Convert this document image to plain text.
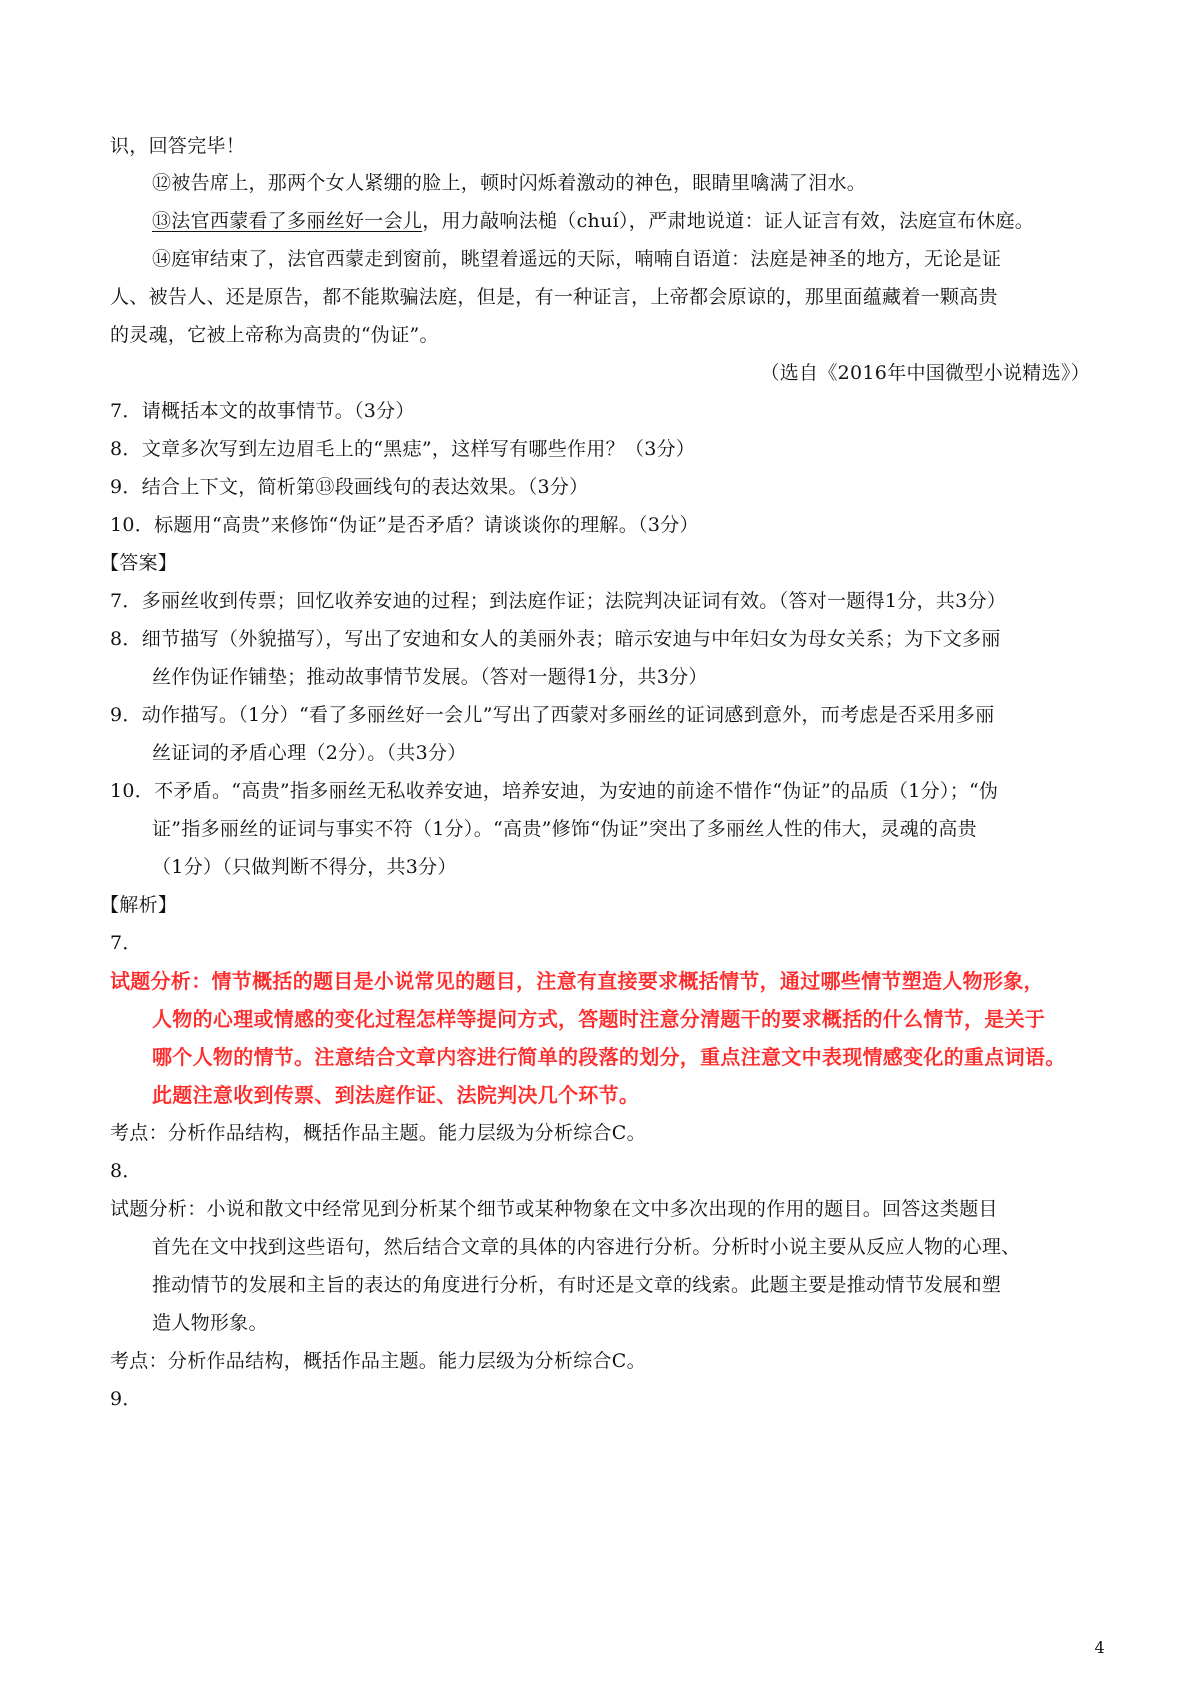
识，回答完毕！
⑫被告席上，那两个女人紧绷的脸上，顿时闪烁着激动的神色，眼睛里噙满了泪水。
⑬法官西蒙看了多丽丝好一会儿，用力敲响法槌（chuí），严肃地说道：证人证言有效，法庭宣布休庭。
⑭庭审结束了，法官西蒙走到窗前，眺望着遥远的天际，喃喃自语道：法庭是神圣的地方，无论是证
人、被告人、还是原告，都不能欺骗法庭，但是，有一种证言，上帝都会原谅的，那里面蕴藏着一颗高贵
的灵魂，它被上帝称为高贵的“伪证”。
（选自《2016年中国微型小说精选》）
7．请概括本文的故事情节。（3分）
8．文章多次写到左边眉毛上的“黑痣”，这样写有哪些作用？（3分）
9．结合上下文，简析第⑬段画线句的表达效果。（3分）
10．标题用“高贵”来修饰“伪证”是否矛盾？请谈谈你的理解。（3分）
【答案】
7．多丽丝收到传票；回忆收养安迪的过程；到法庭作证；法院判决证词有效。（答对一题得1分，共3分）
8．细节描写（外貌描写），写出了安迪和女人的美丽外表；暗示安迪与中年妇女为母女关系；为下文多丽
丝作伪证作铺垫；推动故事情节发展。（答对一题得1分，共3分）
9．动作描写。（1分）“看了多丽丝好一会儿”写出了西蒙对多丽丝的证词感到意外，而考虑是否采用多丽
丝证词的矛盾心理（2分）。（共3分）
10．不矛盾。“高贵”指多丽丝无私收养安迪，培养安迪，为安迪的前途不惜作“伪证”的品质（1分）；“伪
证”指多丽丝的证词与事实不符（1分）。“高贵”修饰“伪证”突出了多丽丝人性的伟大，灵魂的高贵
（1分）（只做判断不得分，共3分）
【解析】
7．
试题分析：情节概括的题目是小说常见的题目，注意有直接要求概括情节，通过哪些情节塑造人物形象，
人物的心理或情感的变化过程怎样等提问方式，答题时注意分清题干的要求概括的什么情节，是关于
哪个人物的情节。注意结合文章内容进行简单的段落的划分，重点注意文中表现情感变化的重点词语。
此题注意收到传票、到法庭作证、法院判决几个环节。
考点：分析作品结构，概括作品主题。能力层级为分析综合C。
8．
试题分析：小说和散文中经常见到分析某个细节或某种物象在文中多次出现的作用的题目。回答这类题目
首先在文中找到这些语句，然后结合文章的具体的内容进行分析。分析时小说主要从反应人物的心理、
推动情节的发展和主旨的表达的角度进行分析，有时还是文章的线索。此题主要是推动情节发展和塑
造人物形象。
考点：分析作品结构，概括作品主题。能力层级为分析综合C。
9．
4
